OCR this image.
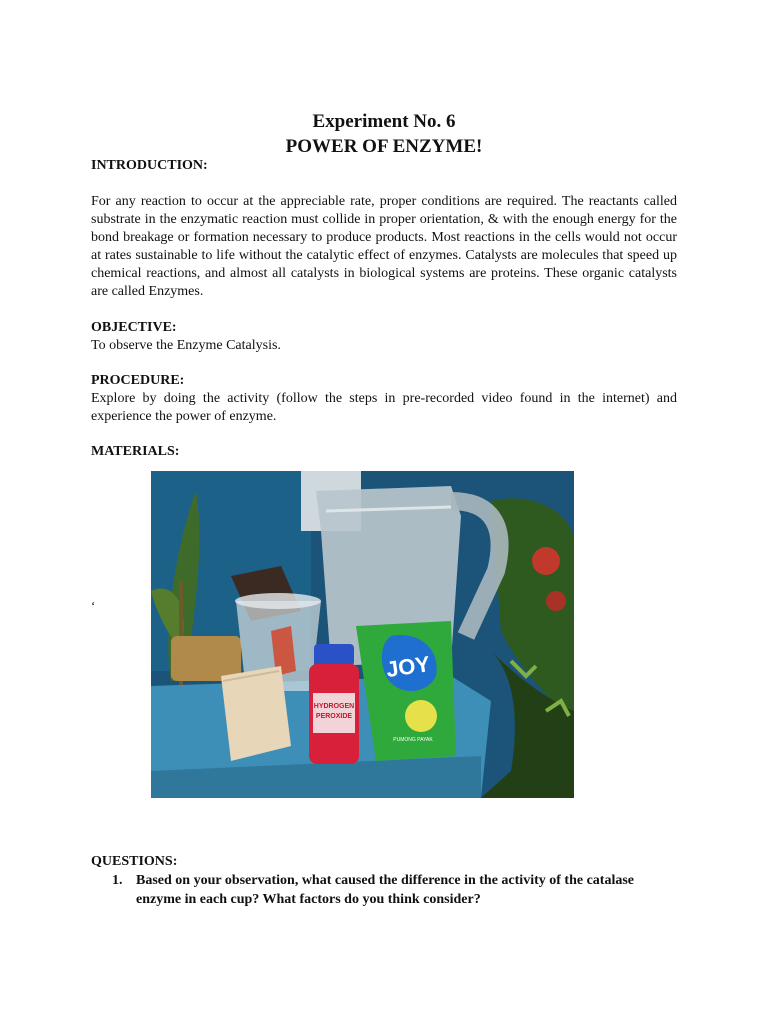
Experiment No. 6
POWER OF ENZYME!
INTRODUCTION:

For any reaction to occur at the appreciable rate, proper conditions are required. The reactants called substrate in the enzymatic reaction must collide in proper orientation, & with the enough energy for the bond breakage or formation necessary to produce products. Most reactions in the cells would not occur at rates sustainable to life without the catalytic effect of enzymes. Catalysts are molecules that speed up chemical reactions, and almost all catalysts in biological systems are proteins. These organic catalysts are called Enzymes.

OBJECTIVE:

To observe the Enzyme Catalysis.

PROCEDURE:

Explore by doing the activity (follow the steps in pre-recorded video found in the internet) and experience the power of enzyme.

MATERIALS:
‘
HYDROGEN
PEROXIDE
JOY
PUMONG PAYAK
QUESTIONS:
1. Based on your observation, what caused the difference in the activity of the catalase enzyme in each cup? What factors do you think consider?
